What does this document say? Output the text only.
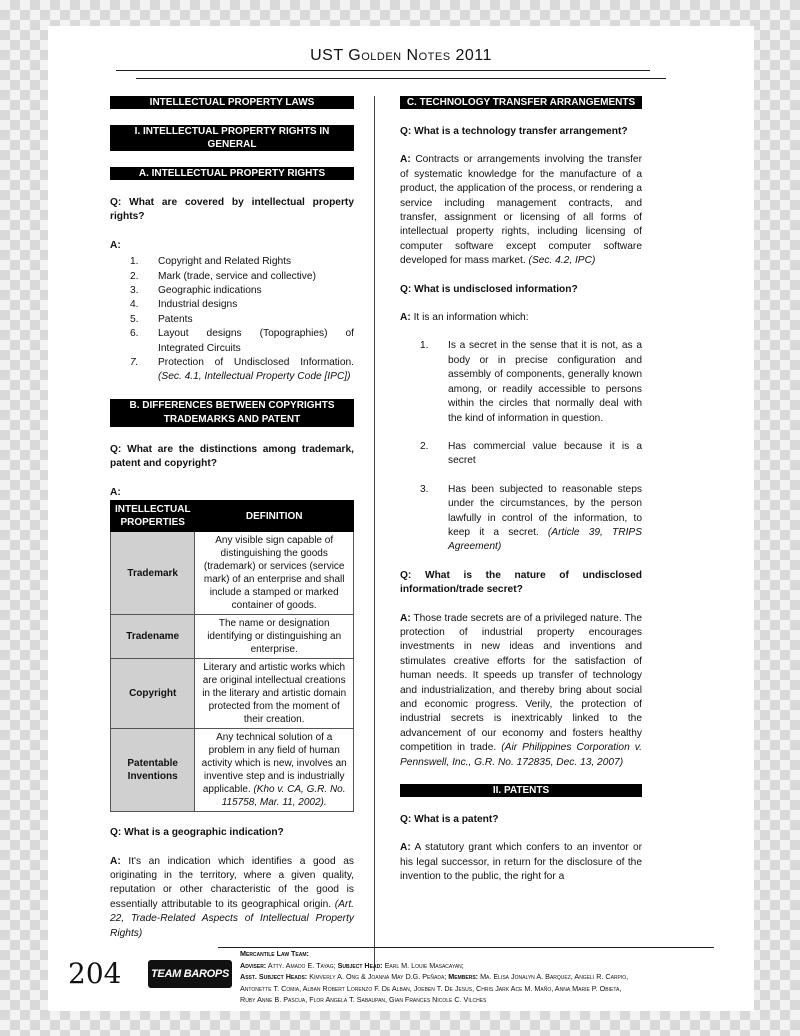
UST Golden Notes 2011
INTELLECTUAL PROPERTY LAWS
I. INTELLECTUAL PROPERTY RIGHTS IN GENERAL
A. INTELLECTUAL PROPERTY RIGHTS
Q: What are covered by intellectual property rights?
A:
1.	Copyright and Related Rights
2.	Mark (trade, service and collective)
3.	Geographic indications
4.	Industrial designs
5.	Patents
6.	Layout designs (Topographies) of Integrated Circuits
7.	Protection of Undisclosed Information. (Sec. 4.1, Intellectual Property Code [IPC])
B. DIFFERENCES BETWEEN COPYRIGHTS
TRADEMARKS AND PATENT
Q: What are the distinctions among trademark, patent and copyright?
A:
INTELLECTUAL PROPERTIES	DEFINITION
Trademark	Any visible sign capable of distinguishing the goods (trademark) or services (service mark) of an enterprise and shall include a stamped or marked container of goods.
Tradename	The name or designation identifying or distinguishing an enterprise.
Copyright	Literary and artistic works which are original intellectual creations in the literary and artistic domain protected from the moment of their creation.
Patentable Inventions	Any technical solution of a problem in any field of human activity which is new, involves an inventive step and is industrially applicable. (Kho v. CA, G.R. No. 115758, Mar. 11, 2002).
Q: What is a geographic indication?
A: It's an indication which identifies a good as originating in the territory, where a given quality, reputation or other characteristic of the good is essentially attributable to its geographical origin. (Art. 22, Trade-Related Aspects of Intellectual Property Rights)
C. TECHNOLOGY TRANSFER ARRANGEMENTS
Q: What is a technology transfer arrangement?
A: Contracts or arrangements involving the transfer of systematic knowledge for the manufacture of a product, the application of the process, or rendering a service including management contracts, and transfer, assignment or licensing of all forms of intellectual property rights, including licensing of computer software except computer software developed for mass market. (Sec. 4.2, IPC)
Q: What is undisclosed information?
A: It is an information which:
1.	Is a secret in the sense that it is not, as a body or in precise configuration and assembly of components, generally known among, or readily accessible to persons within the circles that normally deal with the kind of information in question.
2.	Has commercial value because it is a secret
3.	Has been subjected to reasonable steps under the circumstances, by the person lawfully in control of the information, to keep it a secret. (Article 39, TRIPS Agreement)
Q: What is the nature of undisclosed information/trade secret?
A: Those trade secrets are of a privileged nature. The protection of industrial property encourages investments in new ideas and inventions and stimulates creative efforts for the satisfaction of human needs. It speeds up transfer of technology and industrialization, and thereby bring about social and economic progress. Verily, the protection of industrial secrets is inextricably linked to the advancement of our economy and fosters healthy competition in trade. (Air Philippines Corporation v. Pennswell, Inc., G.R. No. 172835, Dec. 13, 2007)
II. PATENTS
Q: What is a patent?
A: A statutory grant which confers to an inventor or his legal successor, in return for the disclosure of the invention to the public, the right for a
204	TEAM BAROPS
Mercantile Law Team:
Adviser: Atty. Amado E. Tayag; Subject Head: Earl M. Louie Masacayan;
Asst. Subject Heads: Kimverly A. Ong & Joanna May D.G. Peñada; Members: Ma. Elisa Jonalyn A. Barquez, Angeli R. Carpio,
Antonette T. Comia, Alban Robert Lorenzo F. De Alban, Joeben T. De Jesus, Chris Jark Ace M. Maño, Anna Marie P. Obieta,
Ruby Anne B. Pascua, Flor Angela T. Sabaupan, Gian Frances Nicole C. Vilches
